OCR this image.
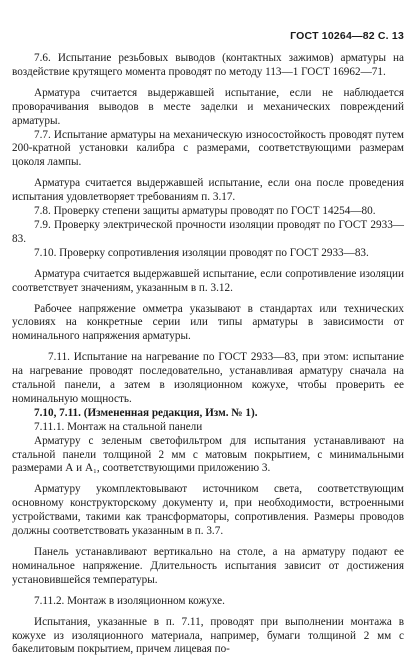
ГОСТ 10264—82 С. 13

7.6. Испытание резьбовых выводов (контактных зажимов) арматуры на воздействие крутящего момента проводят по методу 113—1 ГОСТ 16962—71.

Арматура считается выдержавшей испытание, если не наблюдается проворачивания выводов в месте заделки и механических повреждений арматуры.

7.7. Испытание арматуры на механическую износостойкость проводят путем 200-кратной установки калибра с размерами, соответствующими размерам цоколя лампы.

Арматура считается выдержавшей испытание, если она после проведения испытания удовлетворяет требованиям п. 3.17.

7.8. Проверку степени защиты арматуры проводят по ГОСТ 14254—80.

7.9. Проверку электрической прочности изоляции проводят по ГОСТ 2933—83.

7.10. Проверку сопротивления изоляции проводят по ГОСТ 2933—83.

Арматура считается выдержавшей испытание, если сопротивление изоляции соответствует значениям, указанным в п. 3.12.

Рабочее напряжение омметра указывают в стандартах или технических условиях на конкретные серии или типы арматуры в зависимости от номинального напряжения арматуры.

7.11. Испытание на нагревание по ГОСТ 2933—83, при этом: испытание на нагревание проводят последовательно, устанавливая арматуру сначала на стальной панели, а затем в изоляционном кожухе, чтобы проверить ее номинальную мощность.

7.10, 7.11. (Измененная редакция, Изм. № 1).

7.11.1. Монтаж на стальной панели

Арматуру с зеленым светофильтром для испытания устанавливают на стальной панели толщиной 2 мм с матовым покрытием, с минимальными размерами А и А₁, соответствующими приложению 3.

Арматуру укомплектовывают источником света, соответствующим основному конструкторскому документу и, при необходимости, встроенными устройствами, такими как трансформаторы, сопротивления. Размеры проводов должны соответствовать указанным в п. 3.7.

Панель устанавливают вертикально на столе, а на арматуру подают ее номинальное напряжение. Длительность испытания зависит от достижения установившейся температуры.

7.11.2. Монтаж в изоляционном кожухе.

Испытания, указанные в п. 7.11, проводят при выполнении монтажа в кожухе из изоляционного материала, например, бумаги толщиной 2 мм с бакелитовым покрытием, причем лицевая по-
